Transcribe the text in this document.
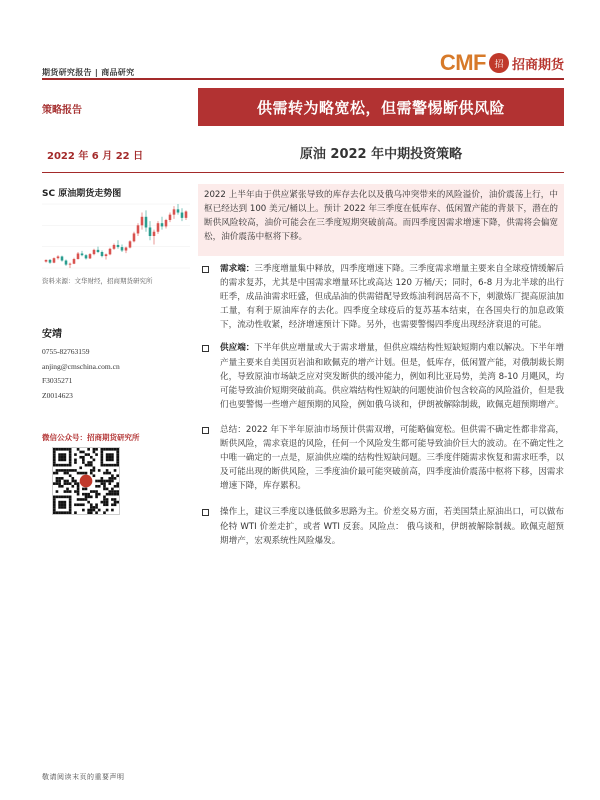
期货研究报告 | 商品研究	CMF 招 招商期货
策略报告	供需转为略宽松，但需警惕断供风险
2022 年 6 月 22 日	原油 2022 年中期投资策略
SC 原油期货走势图
资料来源：文华财经，招商期货研究所
安靖
0755-82763159
anjing@cmschina.com.cn
F3035271
Z0014623
微信公众号：招商期货研究所
2022 上半年由于供应紧张导致的库存去化以及俄乌冲突带来的风险溢价，油价震荡上行，中枢已经达到 100 美元/桶以上。预计 2022 年三季度在低库存、低闲置产能的背景下，潜在的断供风险较高，油价可能会在三季度短期突破前高。而四季度因需求增速下降，供需将会偏宽松，油价震荡中枢将下移。
需求端：三季度增量集中释放，四季度增速下降。三季度需求增量主要来自全球疫情缓解后的需求复苏，尤其是中国需求增量环比或高达 120 万桶/天；同时，6-8 月为北半球的出行旺季，成品油需求旺盛，但成品油的供需错配导致炼油利润居高不下，刺激炼厂提高原油加工量，有利于原油库存的去化。四季度全球疫后的复苏基本结束，在各国央行的加息政策下，流动性收紧，经济增速预计下降。另外，也需要警惕四季度出现经济衰退的可能。
供应端：下半年供应增量或大于需求增量，但供应端结构性短缺短期内难以解决。下半年增产量主要来自美国页岩油和欧佩克的增产计划。但是，低库存，低闲置产能，对俄制裁长期化，导致原油市场缺乏应对突发断供的缓冲能力，例如利比亚局势，美湾 8-10 月飓风，均可能导致油价短期突破前高。供应端结构性短缺的问题使油价包含较高的风险溢价，但是我们也要警惕一些增产超预期的风险，例如俄乌谈和，伊朗被解除制裁，欧佩克超预期增产。
总结：2022 年下半年原油市场预计供需双增，可能略偏宽松。但供需不确定性都非常高，断供风险，需求衰退的风险，任何一个风险发生都可能导致油价巨大的波动。在不确定性之中唯一确定的一点是，原油供应端的结构性短缺问题。三季度伴随需求恢复和需求旺季，以及可能出现的断供风险，三季度油价最可能突破前高，四季度油价震荡中枢将下移，因需求增速下降，库存累积。
操作上，建议三季度以逢低做多思路为主。价差交易方面，若美国禁止原油出口，可以做布伦特 WTI 价差走扩，或者 WTI 反套。风险点： 俄乌谈和，伊朗被解除制裁。欧佩克超预期增产，宏观系统性风险爆发。
敬请阅读末页的重要声明
